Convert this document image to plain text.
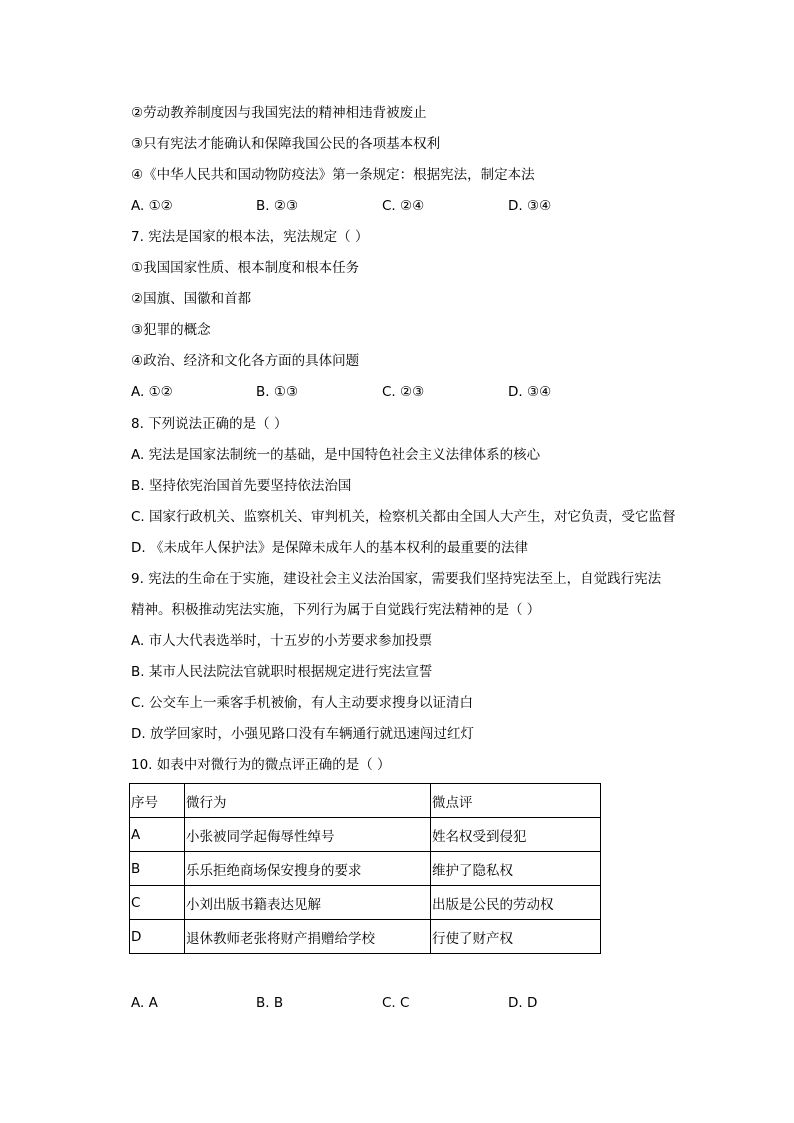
②劳动教养制度因与我国宪法的精神相违背被废止
③只有宪法才能确认和保障我国公民的各项基本权利
④《中华人民共和国动物防疫法》第一条规定：根据宪法，制定本法
A. ①②	B. ②③	C. ②④	D. ③④
7. 宪法是国家的根本法，宪法规定（ ）
①我国国家性质、根本制度和根本任务
②国旗、国徽和首都
③犯罪的概念
④政治、经济和文化各方面的具体问题
A. ①②	B. ①③	C. ②③	D. ③④
8. 下列说法正确的是（ ）
A. 宪法是国家法制统一的基础，是中国特色社会主义法律体系的核心
B. 坚持依宪治国首先要坚持依法治国
C. 国家行政机关、监察机关、审判机关，检察机关都由全国人大产生，对它负责，受它监督
D. 《未成年人保护法》是保障未成年人的基本权利的最重要的法律
9. 宪法的生命在于实施，建设社会主义法治国家，需要我们坚持宪法至上，自觉践行宪法
精神。积极推动宪法实施，下列行为属于自觉践行宪法精神的是（ ）
A. 市人大代表选举时，十五岁的小芳要求参加投票
B. 某市人民法院法官就职时根据规定进行宪法宣誓
C. 公交车上一乘客手机被偷，有人主动要求搜身以证清白
D. 放学回家时，小强见路口没有车辆通行就迅速闯过红灯
10. 如表中对微行为的微点评正确的是（ ）
序号	微行为	微点评
A	小张被同学起侮辱性绰号	姓名权受到侵犯
B	乐乐拒绝商场保安搜身的要求	维护了隐私权
C	小刘出版书籍表达见解	出版是公民的劳动权
D	退休教师老张将财产捐赠给学校	行使了财产权
A. A	B. B	C. C	D. D
